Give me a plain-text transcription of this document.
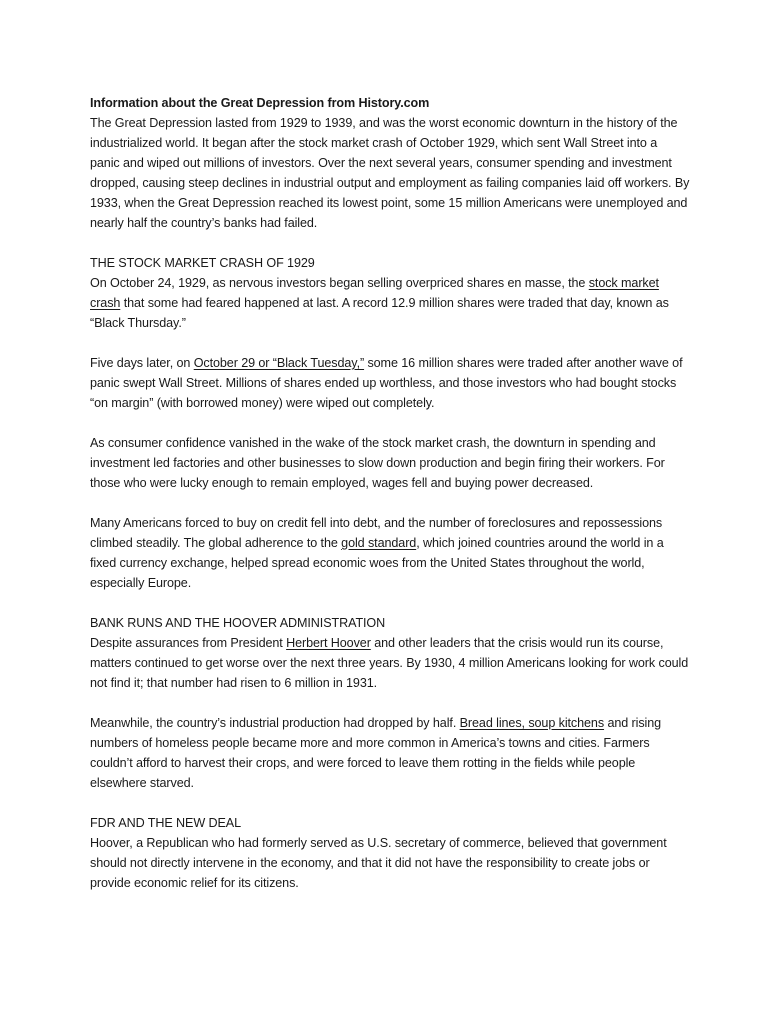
Information about the Great Depression from History.com
The Great Depression lasted from 1929 to 1939, and was the worst economic downturn in the history of the industrialized world. It began after the stock market crash of October 1929, which sent Wall Street into a panic and wiped out millions of investors. Over the next several years, consumer spending and investment dropped, causing steep declines in industrial output and employment as failing companies laid off workers. By 1933, when the Great Depression reached its lowest point, some 15 million Americans were unemployed and nearly half the country’s banks had failed.

THE STOCK MARKET CRASH OF 1929
On October 24, 1929, as nervous investors began selling overpriced shares en masse, the stock market crash that some had feared happened at last. A record 12.9 million shares were traded that day, known as “Black Thursday.”

Five days later, on October 29 or “Black Tuesday,” some 16 million shares were traded after another wave of panic swept Wall Street. Millions of shares ended up worthless, and those investors who had bought stocks “on margin” (with borrowed money) were wiped out completely.

As consumer confidence vanished in the wake of the stock market crash, the downturn in spending and investment led factories and other businesses to slow down production and begin firing their workers. For those who were lucky enough to remain employed, wages fell and buying power decreased.

Many Americans forced to buy on credit fell into debt, and the number of foreclosures and repossessions climbed steadily. The global adherence to the gold standard, which joined countries around the world in a fixed currency exchange, helped spread economic woes from the United States throughout the world, especially Europe.

BANK RUNS AND THE HOOVER ADMINISTRATION
Despite assurances from President Herbert Hoover and other leaders that the crisis would run its course, matters continued to get worse over the next three years. By 1930, 4 million Americans looking for work could not find it; that number had risen to 6 million in 1931.

Meanwhile, the country’s industrial production had dropped by half. Bread lines, soup kitchens and rising numbers of homeless people became more and more common in America’s towns and cities. Farmers couldn’t afford to harvest their crops, and were forced to leave them rotting in the fields while people elsewhere starved.

FDR AND THE NEW DEAL
Hoover, a Republican who had formerly served as U.S. secretary of commerce, believed that government should not directly intervene in the economy, and that it did not have the responsibility to create jobs or provide economic relief for its citizens.
